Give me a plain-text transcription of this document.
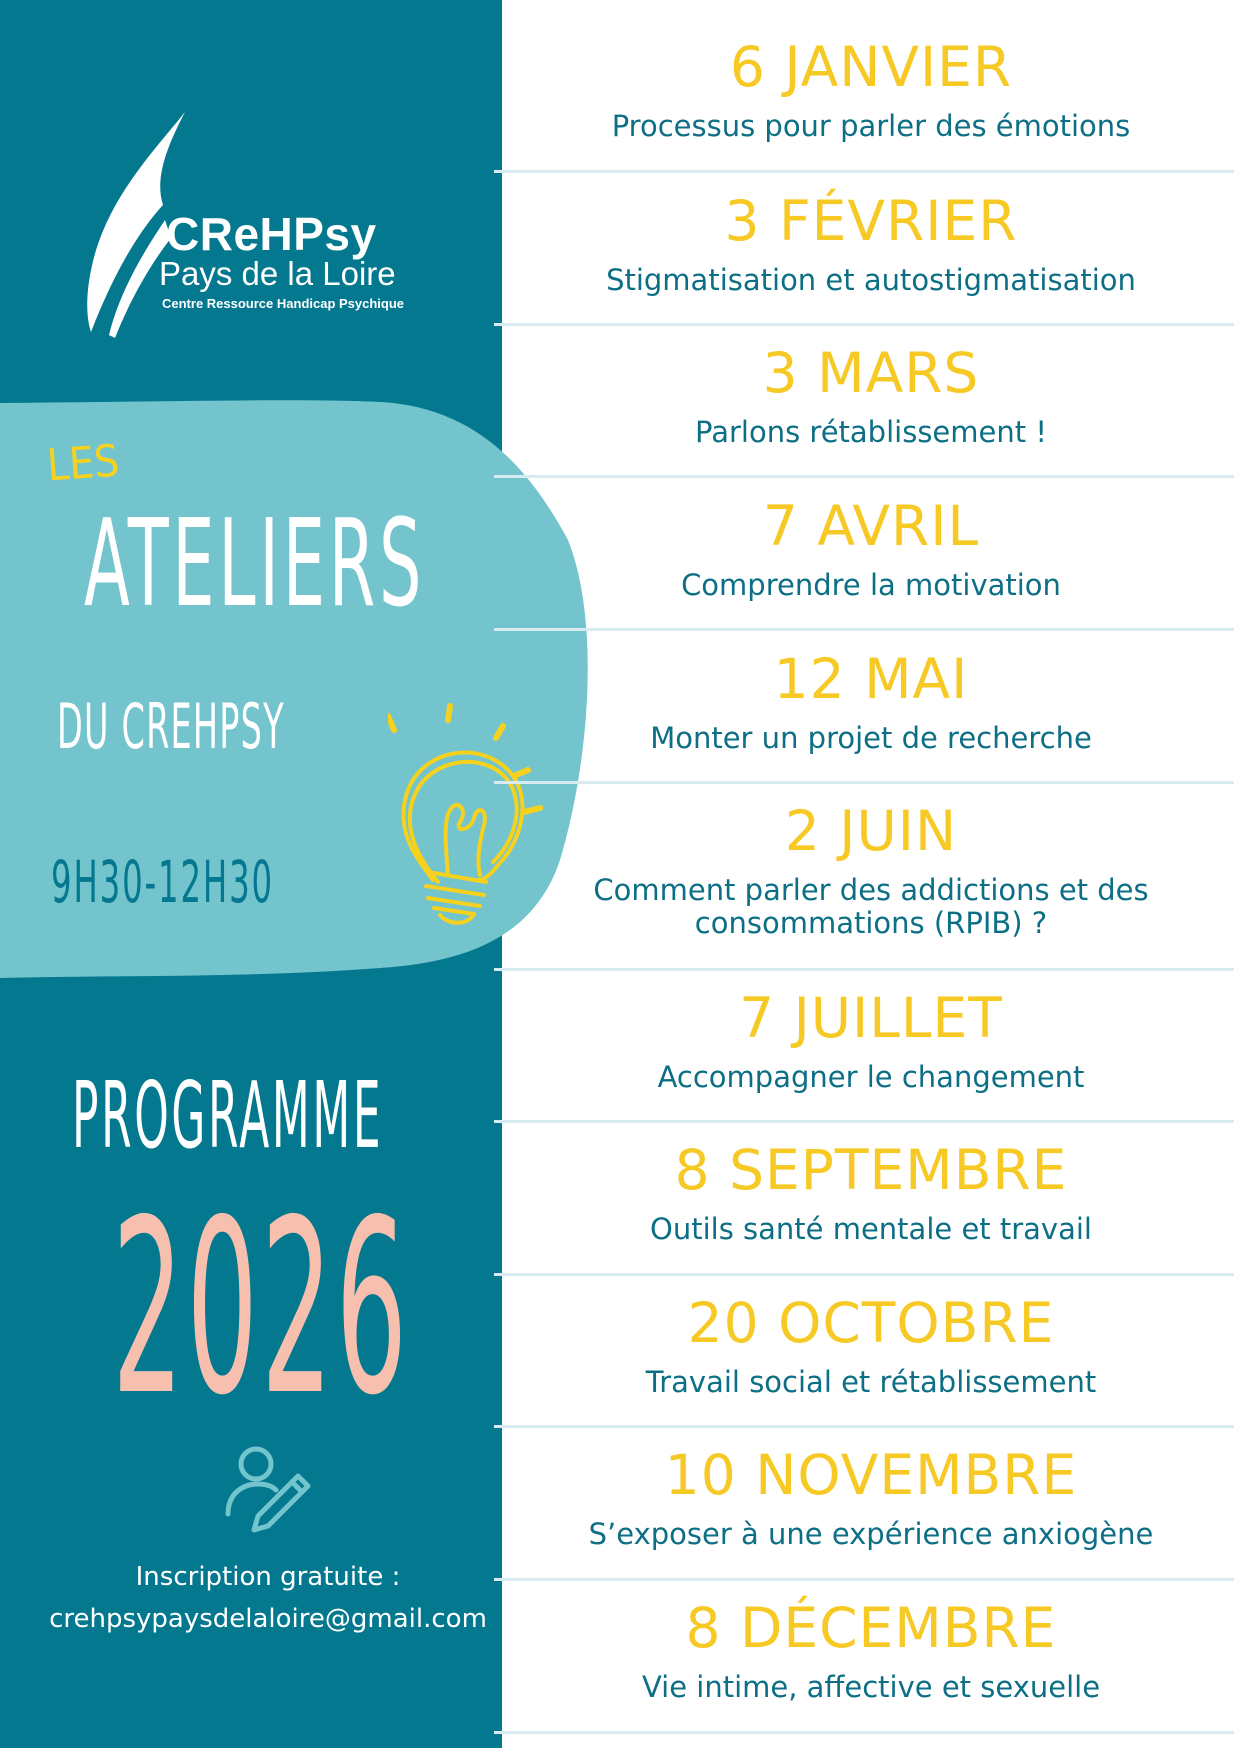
CReHPsy
Pays de la Loire
Centre Ressource Handicap Psychique
LES
ATELIERS
DU CREHPSY
9H30-12H30
PROGRAMME
2026
Inscription gratuite :
crehpsypaysdelaloire@gmail.com
6 JANVIER
Processus pour parler des émotions
3 FÉVRIER
Stigmatisation et autostigmatisation
3 MARS
Parlons rétablissement !
7 AVRIL
Comprendre la motivation
12 MAI
Monter un projet de recherche
2 JUIN
Comment parler des addictions et des consommations (RPIB) ?
7 JUILLET
Accompagner le changement
8 SEPTEMBRE
Outils santé mentale et travail
20 OCTOBRE
Travail social et rétablissement
10 NOVEMBRE
S’exposer à une expérience anxiogène
8 DÉCEMBRE
Vie intime, affective et sexuelle
